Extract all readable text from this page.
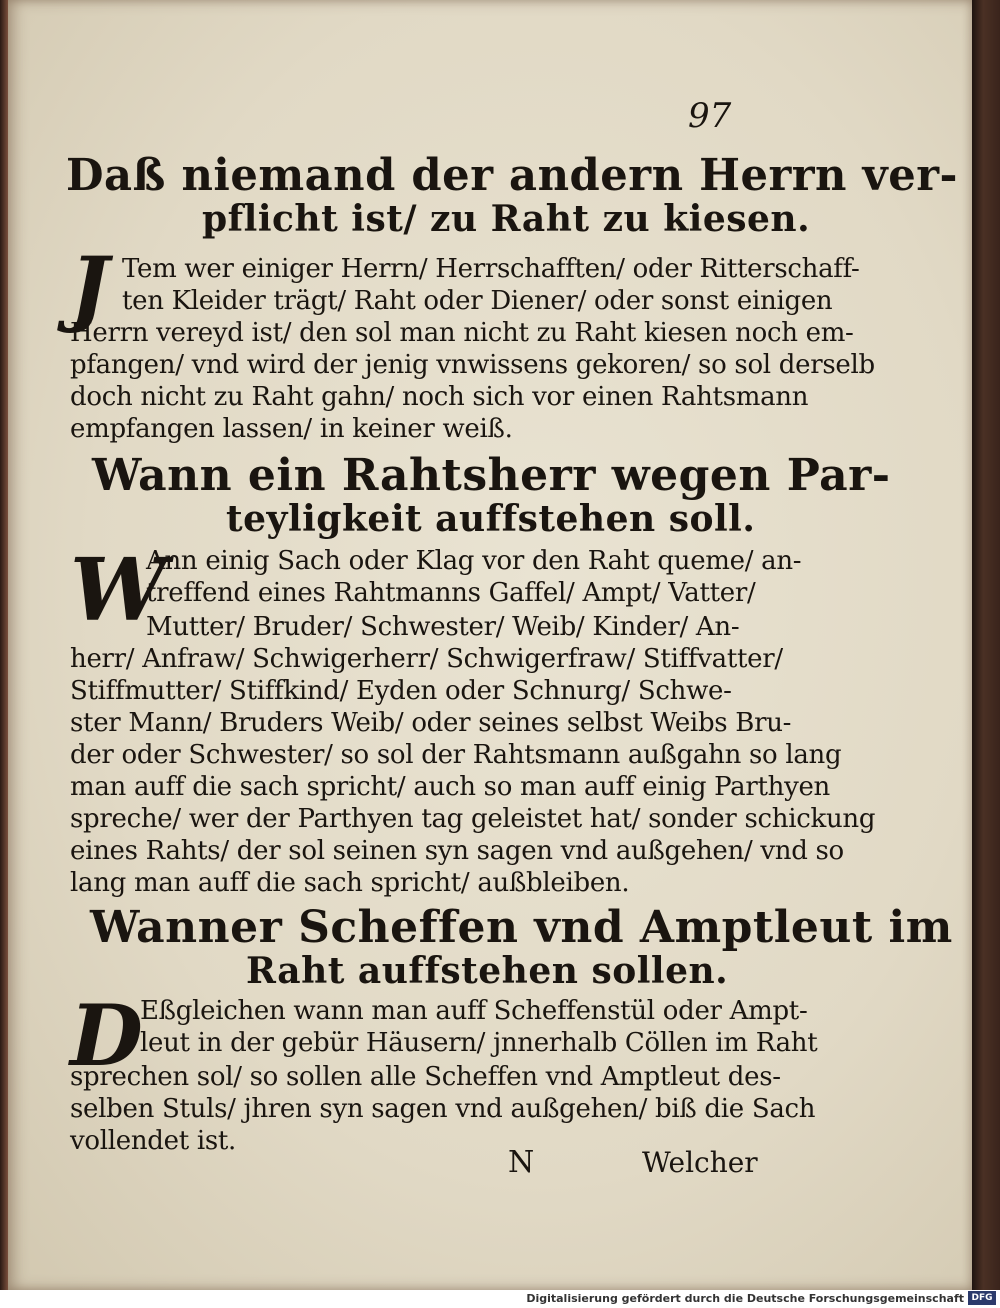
97
Daß niemand der andern Herrn ver-
pflicht ist/ zu Raht zu kiesen.
J Tem wer einiger Herrn/ Herrschafften/ oder Ritterschaff-
ten Kleider trägt/ Raht oder Diener/ oder sonst einigen
Herrn vereyd ist/ den sol man nicht zu Raht kiesen noch em-
pfangen/ vnd wird der jenig vnwissens gekoren/ so sol derselb
doch nicht zu Raht gahn/ noch sich vor einen Rahtsmann
empfangen lassen/ in keiner weiß.
Wann ein Rahtsherr wegen Par-
teyligkeit auffstehen soll.
W
Ann einig Sach oder Klag vor den Raht queme/ an-
treffend eines Rahtmanns Gaffel/ Ampt/ Vatter/
Mutter/ Bruder/ Schwester/ Weib/ Kinder/ An-
herr/ Anfraw/ Schwigerherr/ Schwigerfraw/ Stiffvatter/
Stiffmutter/ Stiffkind/ Eyden oder Schnurg/ Schwe-
ster Mann/ Bruders Weib/ oder seines selbst Weibs Bru-
der oder Schwester/ so sol der Rahtsmann außgahn so lang
man auff die sach spricht/ auch so man auff einig Parthyen
spreche/ wer der Parthyen tag geleistet hat/ sonder schickung
eines Rahts/ der sol seinen syn sagen vnd außgehen/ vnd so
lang man auff die sach spricht/ außbleiben.
Wanner Scheffen vnd Amptleut im
Raht auffstehen sollen.
D
Eßgleichen wann man auff Scheffenstül oder Ampt-
leut in der gebür Häusern/ jnnerhalb Cöllen im Raht
sprechen sol/ so sollen alle Scheffen vnd Amptleut des-
selben Stuls/ jhren syn sagen vnd außgehen/ biß die Sach
vollendet ist.
N	Welcher
Digitalisierung gefördert durch die Deutsche Forschungsgemeinschaft DFG
